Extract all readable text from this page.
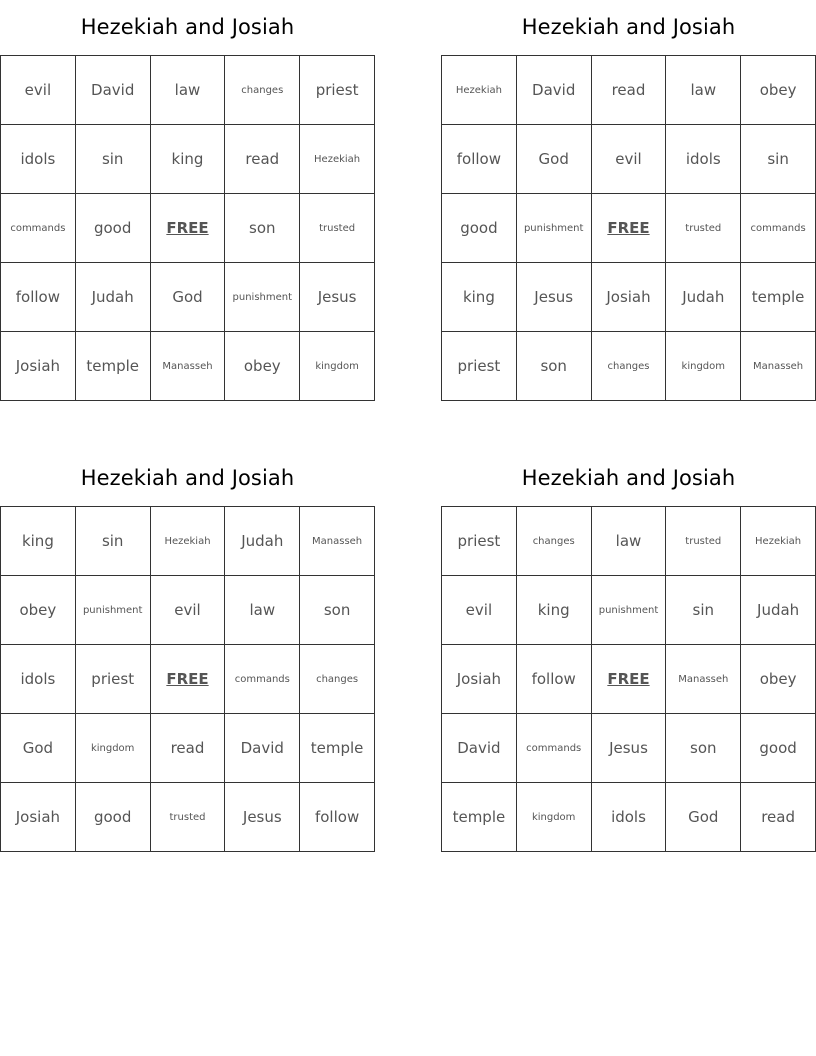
Hezekiah and Josiah
evil	David	law	changes	priest
idols	sin	king	read	Hezekiah
commands	good	FREE	son	trusted
follow	Judah	God	punishment	Jesus
Josiah	temple	Manasseh	obey	kingdom
Hezekiah and Josiah
Hezekiah	David	read	law	obey
follow	God	evil	idols	sin
good	punishment	FREE	trusted	commands
king	Jesus	Josiah	Judah	temple
priest	son	changes	kingdom	Manasseh
Hezekiah and Josiah
king	sin	Hezekiah	Judah	Manasseh
obey	punishment	evil	law	son
idols	priest	FREE	commands	changes
God	kingdom	read	David	temple
Josiah	good	trusted	Jesus	follow
Hezekiah and Josiah
priest	changes	law	trusted	Hezekiah
evil	king	punishment	sin	Judah
Josiah	follow	FREE	Manasseh	obey
David	commands	Jesus	son	good
temple	kingdom	idols	God	read
